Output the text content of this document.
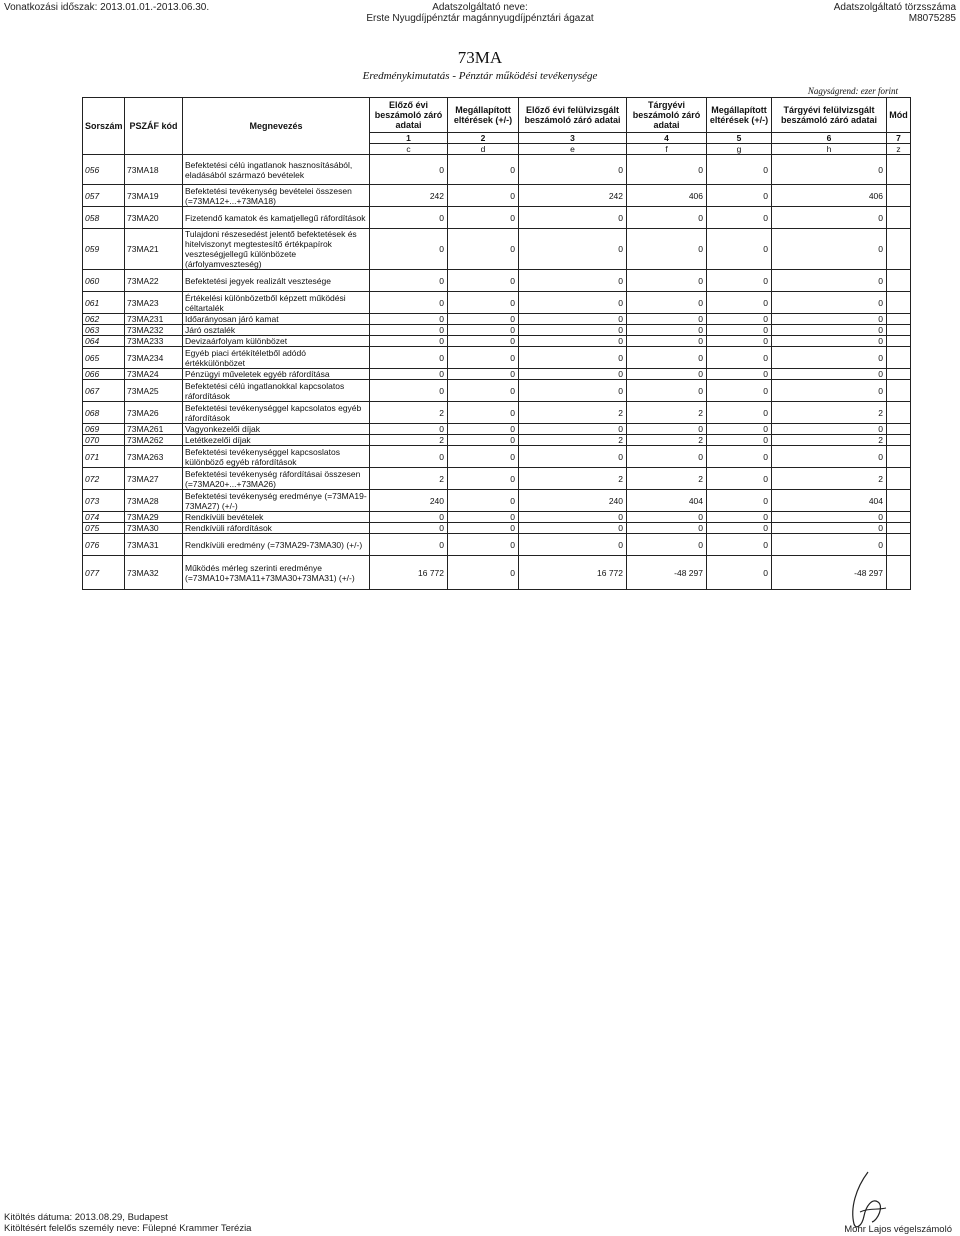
Vonatkozási időszak: 2013.01.01.-2013.06.30.	Adatszolgáltató neve:
Erste Nyugdíjpénztár magánnyugdíjpénztári ágazat
Adatszolgáltató törzsszáma
M8075285
73MA
Eredménykimutatás - Pénztár működési tevékenysége
Nagyságrend: ezer forint
Sorszám	PSZÁF kód	Megnevezés	Előző évi beszámoló záró adatai	Megállapított eltérések (+/-)	Előző évi felülvizsgált beszámoló záró adatai	Tárgyévi beszámoló záró adatai	Megállapított eltérések (+/-)	Tárgyévi felülvizsgált beszámoló záró adatai	Mód
			1	2	3	4	5	6	7
			c	d	e	f	g	h	z
056	73MA18	Befektetési célú ingatlanok hasznosításából, eladásából származó bevételek	0	0	0	0	0	0	
057	73MA19	Befektetési tevékenység bevételei összesen (=73MA12+...+73MA18)	242	0	242	406	0	406	
058	73MA20	Fizetendő kamatok és kamatjellegű ráfordítások	0	0	0	0	0	0	
059	73MA21	Tulajdoni részesedést jelentő befektetések és hitelviszonyt megtestesítő értékpapírok veszteségjellegű különbözete (árfolyamveszteség)	0	0	0	0	0	0	
060	73MA22	Befektetési jegyek realizált vesztesége	0	0	0	0	0	0	
061	73MA23	Értékelési különbözetből képzett működési céltartalék	0	0	0	0	0	0	
062	73MA231	Időarányosan járó kamat	0	0	0	0	0	0	
063	73MA232	Járó osztalék	0	0	0	0	0	0	
064	73MA233	Devizaárfolyam különbözet	0	0	0	0	0	0	
065	73MA234	Egyéb piaci értékítéletből adódó értékkülönbözet	0	0	0	0	0	0	
066	73MA24	Pénzügyi műveletek egyéb ráfordítása	0	0	0	0	0	0	
067	73MA25	Befektetési célú ingatlanokkal kapcsolatos ráfordítások	0	0	0	0	0	0	
068	73MA26	Befektetési tevékenységgel kapcsolatos egyéb ráfordítások	2	0	2	2	0	2	
069	73MA261	Vagyonkezelői díjak	0	0	0	0	0	0	
070	73MA262	Letétkezelői díjak	2	0	2	2	0	2	
071	73MA263	Befektetési tevékenységgel kapcsoslatos különböző egyéb ráfordítások	0	0	0	0	0	0	
072	73MA27	Befektetési tevékenység ráfordításai összesen (=73MA20+...+73MA26)	2	0	2	2	0	2	
073	73MA28	Befektetési tevékenység eredménye (=73MA19-73MA27) (+/-)	240	0	240	404	0	404	
074	73MA29	Rendkívüli bevételek	0	0	0	0	0	0	
075	73MA30	Rendkívüli ráfordítások	0	0	0	0	0	0	
076	73MA31	Rendkívüli eredmény (=73MA29-73MA30) (+/-)	0	0	0	0	0	0	
077	73MA32	Működés mérleg szerinti eredménye (=73MA10+73MA11+73MA30+73MA31) (+/-)	16 772	0	16 772	-48 297	0	-48 297	
Kitöltés dátuma: 2013.08.29, Budapest
Kitöltésért felelős személy neve: Fülepné Krammer Terézia	Mohr Lajos végelszámoló
